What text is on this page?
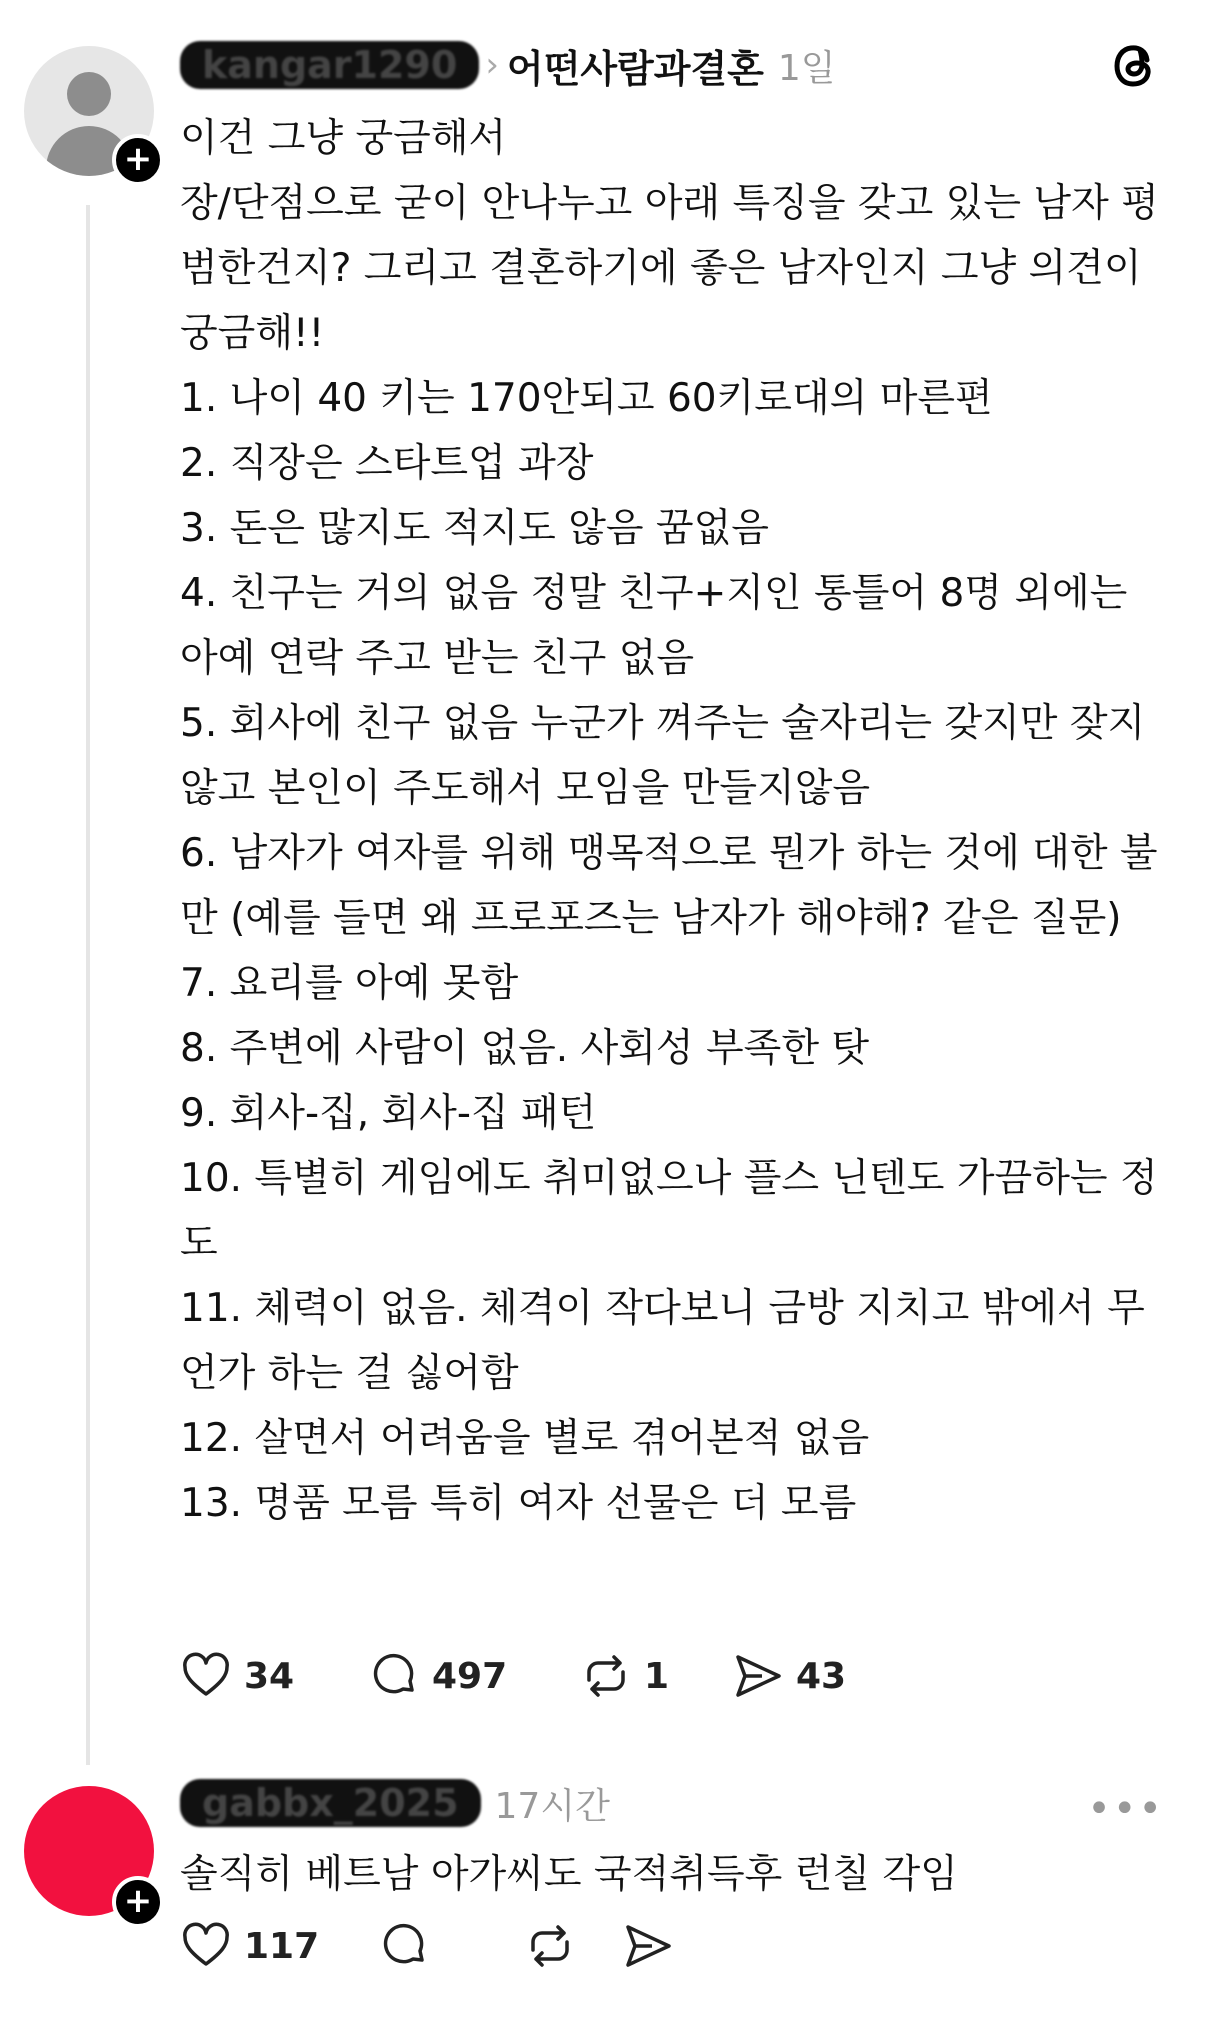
+
kangar1290 › 어떤사람과결혼 1일

이건 그냥 궁금해서

장/단점으로 굳이 안나누고 아래 특징을 갖고 있는 남자 평범한건지? 그리고 결혼하기에 좋은 남자인지 그냥 의견이 궁금해!!

1. 나이 40 키는 170안되고 60키로대의 마른편

2. 직장은 스타트업 과장

3. 돈은 많지도 적지도 않음 꿈없음

4. 친구는 거의 없음 정말 친구+지인 통틀어 8명 외에는 아예 연락 주고 받는 친구 없음

5. 회사에 친구 없음 누군가 껴주는 술자리는 갖지만 잦지 않고 본인이 주도해서 모임을 만들지않음

6. 남자가 여자를 위해 맹목적으로 뭔가 하는 것에 대한 불만 (예를 들면 왜 프로포즈는 남자가 해야해? 같은 질문)

7. 요리를 아예 못함

8. 주변에 사람이 없음. 사회성 부족한 탓

9. 회사-집, 회사-집 패턴

10. 특별히 게임에도 취미없으나 플스 닌텐도 가끔하는 정도

11. 체력이 없음. 체격이 작다보니 금방 지치고 밖에서 무언가 하는 걸 싫어함

12. 살면서 어려움을 별로 겪어본적 없음

13. 명품 모름 특히 여자 선물은 더 모름

34	497	1	43
+
gabbx_2025	17시간	•••
솔직히 베트남 아가씨도 국적취득후 런칠 각임
117
